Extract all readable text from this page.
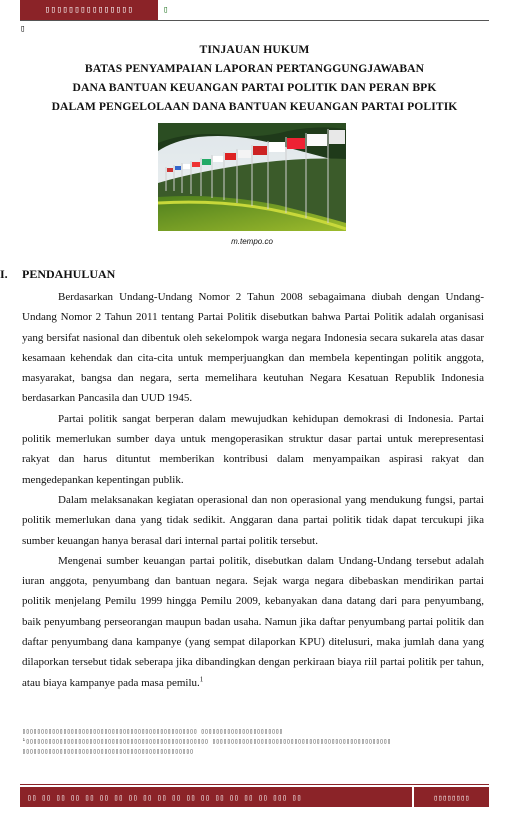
▯▯▯▯▯▯▯▯▯▯▯▯▯▯▯	▯
▯
TINJAUAN HUKUM
BATAS PENYAMPAIAN LAPORAN PERTANGGUNGJAWABAN
DANA BANTUAN KEUANGAN PARTAI POLITIK DAN PERAN BPK
DALAM PENGELOLAAN DANA BANTUAN KEUANGAN PARTAI POLITIK
m.tempo.co
I. PENDAHULUAN

Berdasarkan Undang-Undang Nomor 2 Tahun 2008 sebagaimana diubah dengan Undang-Undang Nomor 2 Tahun 2011 tentang Partai Politik disebutkan bahwa Partai Politik adalah organisasi yang bersifat nasional dan dibentuk oleh sekelompok warga negara Indonesia secara sukarela atas dasar kesamaan kehendak dan cita-cita untuk memperjuangkan dan membela kepentingan politik anggota, masyarakat, bangsa dan negara, serta memelihara keutuhan Negara Kesatuan Republik Indonesia berdasarkan Pancasila dan UUD 1945.

Partai politik sangat berperan dalam mewujudkan kehidupan demokrasi di Indonesia. Partai politik memerlukan sumber daya untuk mengoperasikan struktur dasar partai untuk merepresentasi rakyat dan harus dituntut memberikan kontribusi dalam menyampaikan aspirasi rakyat dan mengedepankan kepentingan publik.

Dalam melaksanakan kegiatan operasional dan non operasional yang mendukung fungsi, partai politik memerlukan dana yang tidak sedikit. Anggaran dana partai politik tidak dapat tercukupi jika sumber keuangan hanya berasal dari internal partai politik tersebut.

Mengenai sumber keuangan partai politik, disebutkan dalam Undang-Undang tersebut adalah iuran anggota, penyumbang dan bantuan negara. Sejak warga negara dibebaskan mendirikan partai politik menjelang Pemilu 1999 hingga Pemilu 2009, kebanyakan dana datang dari para penyumbang, baik penyumbang perseorangan maupun badan usaha. Namun jika daftar penyumbang partai politik dan daftar penyumbang dana kampanye (yang sempat dilaporkan KPU) ditelusuri, maka jumlah dana yang dilaporkan tersebut tidak seberapa jika dibandingkan dengan perkiraan biaya riil partai politik per tahun, atau biaya kampanye pada masa pemilu.$^1$

▯▯▯▯▯▯▯▯▯▯▯▯▯▯▯▯▯▯▯▯▯▯▯▯▯▯▯▯▯▯▯▯▯▯▯▯▯▯▯▯▯▯▯▯▯▯▯ ▯▯▯▯▯▯▯▯▯▯▯▯▯▯▯▯▯▯▯▯▯▯
¹▯▯▯▯▯▯▯▯▯▯▯▯▯▯▯▯▯▯▯▯▯▯▯▯▯▯▯▯▯▯▯▯▯▯▯▯▯▯▯▯▯▯▯▯▯▯▯▯▯ ▯▯▯▯▯▯▯▯▯▯▯▯▯▯▯▯▯▯▯▯▯▯▯▯▯▯▯▯▯▯▯▯▯▯▯▯▯▯▯▯▯▯▯▯▯▯▯▯
▯▯▯▯▯▯▯▯▯▯▯▯▯▯▯▯▯▯▯▯▯▯▯▯▯▯▯▯▯▯▯▯▯▯▯▯▯▯▯▯▯▯▯▯▯▯
▯▯ ▯▯ ▯▯ ▯▯ ▯▯ ▯▯ ▯▯ ▯▯ ▯▯ ▯▯ ▯▯ ▯▯ ▯▯ ▯▯ ▯▯ ▯▯ ▯▯ ▯▯▯ ▯▯	▯▯▯▯▯▯▯▯
